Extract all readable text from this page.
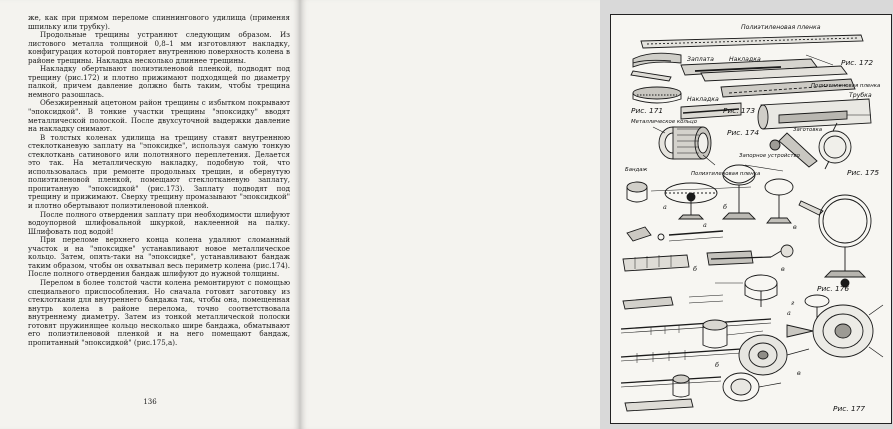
же, как при прямом переломе спиннингового удилища (применяя шпильку или трубку).

Продольные трещины устраняют следующим образом. Из листового металла толщиной 0,8–1 мм изготовляют накладку, конфигурация которой повторяет внутреннюю поверхность колена в районе трещины. Накладка несколько длиннее трещины.

Накладку обертывают полиэтиленовой пленкой, подводят под трещину (рис.172) и плотно прижимают подходящей по диаметру палкой, причем давление должно быть таким, чтобы трещина немного разошлась.

Обезжиренный ацетоном район трещины с избытком покрывают "эпоксидкой". В тонкие участки трещины "эпоксидку" вводят металлической полоской. После двухсуточной выдержки давление на накладку снимают.

В толстых коленах удилища на трещину ставят внутреннюю стеклотканевую заплату на "эпоксидке", используя самую тонкую стеклоткань сатинового или полотняного переплетения. Делается это так. На металлическую накладку, подобную той, что использовалась при ремонте продольных трещин, и обернутую полиэтиленовой пленкой, помещают стеклотканевую заплату, пропитанную "эпоксидкой" (рис.173). Заплату подводят под трещину и прижимают. Сверху трещину промазывают "эпоксидкой" и плотно обертывают полиэтиленовой пленкой.

После полного отвердения заплату при необходимости шлифуют водоупорной шлифовальной шкуркой, наклеенной на палку. Шлифовать под водой!

При переломе верхнего конца колена удаляют сломанный участок и на "эпоксидке" устанавливают новое металлическое кольцо. Затем, опять-таки на "эпоксидке", устанавливают бандаж таким образом, чтобы он охватывал весь периметр колена (рис.174). После полного отвердения бандаж шлифуют до нужной толщины.

Перелом в более толстой части колена ремонтируют с помощью специального приспособления. Но сначала готовят заготовку из стеклоткани для внутреннего бандажа так, чтобы она, помещенная внутрь колена в районе перелома, точно соответствовала внутреннему диаметру. Затем из тонкой металлической полоски готовят пружинящее кольцо несколько шире бандажа, обматывают его полиэтиленовой пленкой и на него помещают бандаж, пропитанный "эпоксидкой" (рис.175,а).

136
Полиэтиленовая пленка
Рис. 171
Заплата Накладка
Полиэтиленовая пленка
Рис. 172
Накладка
Трубка
Рис. 173
Металлическое кольцо
Бандаж
Полиэтиленовая пленка
Рис. 174
Запорное устройство
Заготовка
Рис. 175
а	б
в
а
б	в
г
Рис. 176
а
б
в
Рис. 177
